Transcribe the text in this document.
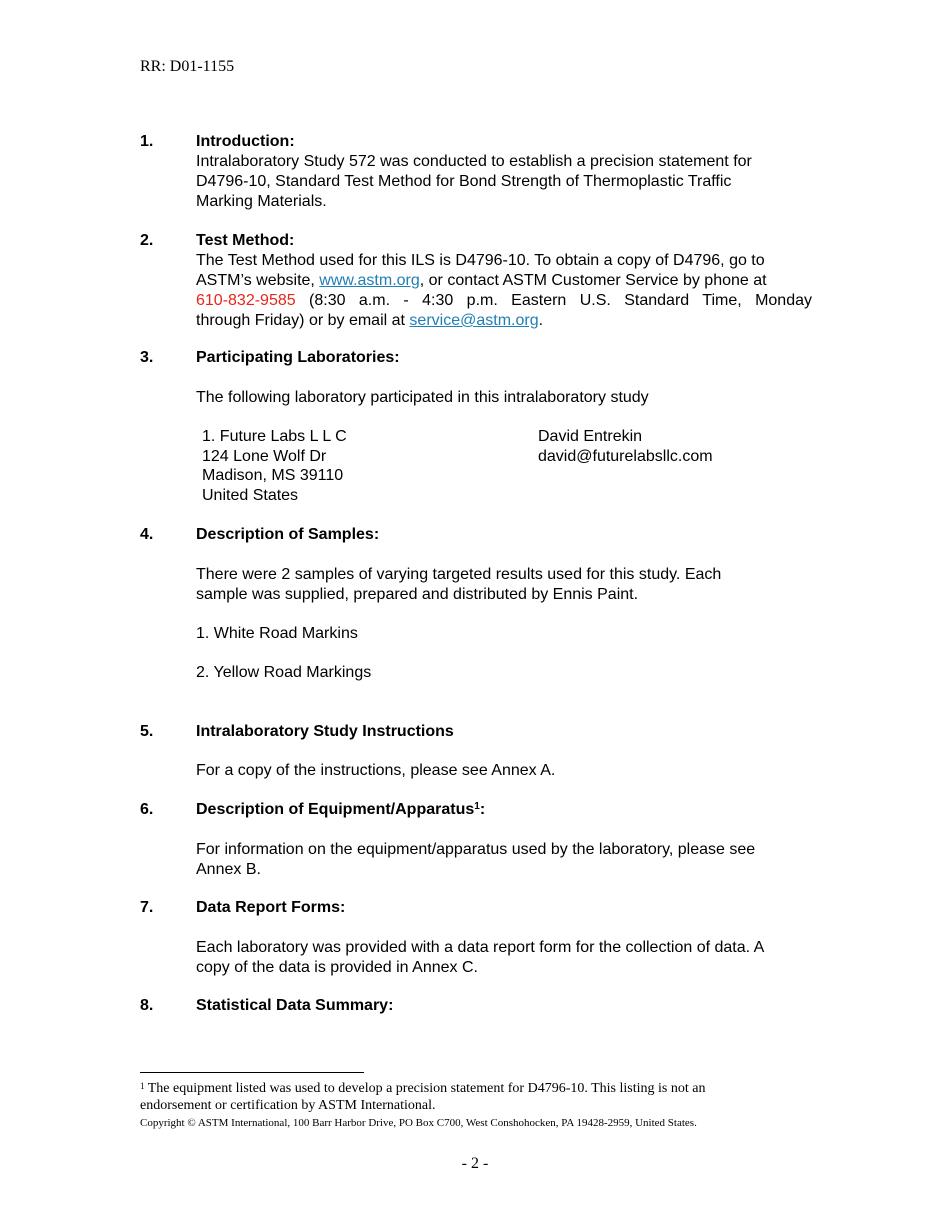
RR: D01-1155
1.	Introduction:
Intralaboratory Study 572 was conducted to establish a precision statement for
D4796-10, Standard Test Method for Bond Strength of Thermoplastic Traffic
Marking Materials.
2.	Test Method:
The Test Method used for this ILS is D4796-10. To obtain a copy of D4796, go to
ASTM’s website, www.astm.org, or contact ASTM Customer Service by phone at
610-832-9585 (8:30 a.m. - 4:30 p.m. Eastern U.S. Standard Time, Monday
through Friday) or by email at service@astm.org.
3.	Participating Laboratories:
The following laboratory participated in this intralaboratory study
1. Future Labs L L C
124 Lone Wolf Dr
Madison, MS 39110
United States
David Entrekin
david@futurelabsllc.com
4.	Description of Samples:
There were 2 samples of varying targeted results used for this study. Each
sample was supplied, prepared and distributed by Ennis Paint.
1. White Road Markins
2. Yellow Road Markings
5.	Intralaboratory Study Instructions
For a copy of the instructions, please see Annex A.
6.	Description of Equipment/Apparatus$^1$:
For information on the equipment/apparatus used by the laboratory, please see
Annex B.
7.	Data Report Forms:
Each laboratory was provided with a data report form for the collection of data. A
copy of the data is provided in Annex C.
8.	Statistical Data Summary:
$^1$ The equipment listed was used to develop a precision statement for D4796-10. This listing is not an
endorsement or certification by ASTM International.
Copyright © ASTM International, 100 Barr Harbor Drive, PO Box C700, West Conshohocken, PA 19428-2959, United States.
- 2 -
